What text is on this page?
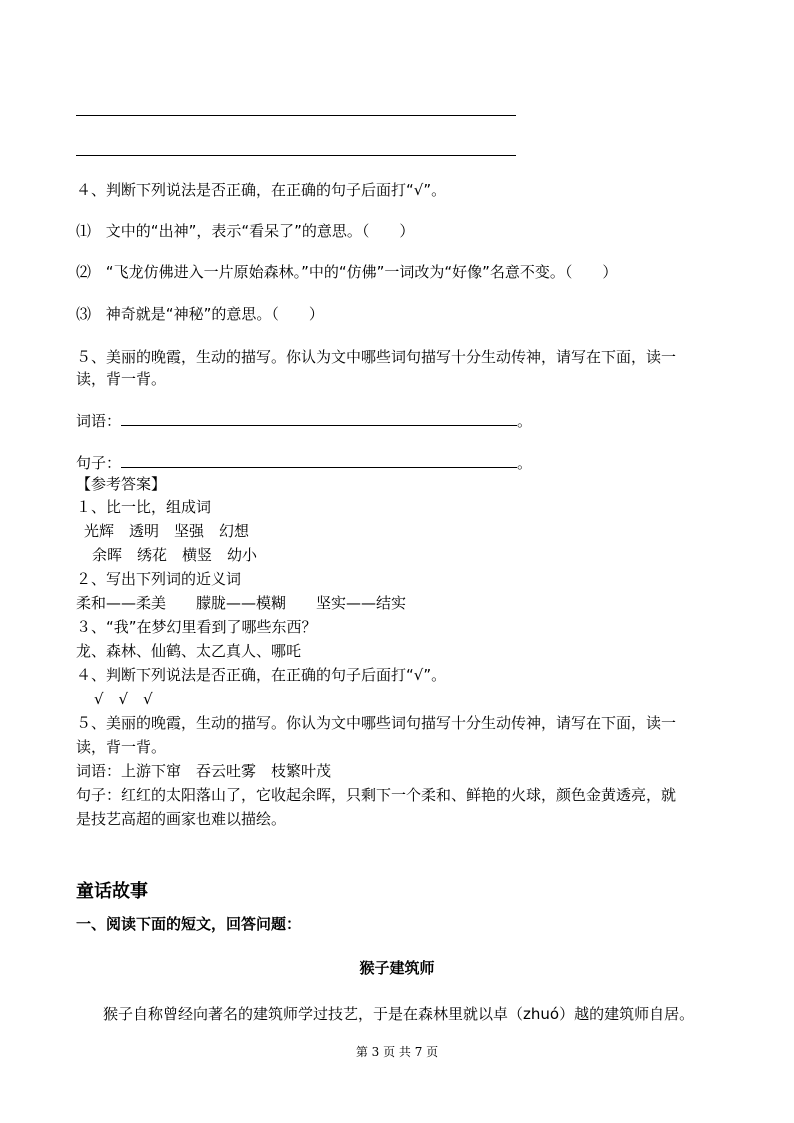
４、判断下列说法是否正确，在正确的句子后面打“√”。
⑴ 文中的“出神”，表示“看呆了”的意思。（　　）
⑵ “飞龙仿佛进入一片原始森林。”中的“仿佛”一词改为“好像”名意不变。（　　）
⑶ 神奇就是“神秘”的意思。（　　）
５、美丽的晚霞，生动的描写。你认为文中哪些词句描写十分生动传神，请写在下面，读一
读，背一背。
词语：	。
句子：	。
【参考答案】
１、比一比，组成词
光辉　透明　坚强　幻想
余晖　绣花　横竖　幼小
２、写出下列词的近义词
柔和——柔美　　朦胧——模糊　　坚实——结实
３、“我”在梦幻里看到了哪些东西？
龙、森林、仙鹤、太乙真人、哪吒
４、判断下列说法是否正确，在正确的句子后面打“√”。
√　√　√
５、美丽的晚霞，生动的描写。你认为文中哪些词句描写十分生动传神，请写在下面，读一
读，背一背。
词语：上游下窜　吞云吐雾　枝繁叶茂
句子：红红的太阳落山了，它收起余晖，只剩下一个柔和、鲜艳的火球，颜色金黄透亮，就
是技艺高超的画家也难以描绘。
童话故事
一、阅读下面的短文，回答问题：
猴子建筑师
猴子自称曾经向著名的建筑师学过技艺，于是在森林里就以卓（zhuó）越的建筑师自居。
第 3 页 共 7 页
